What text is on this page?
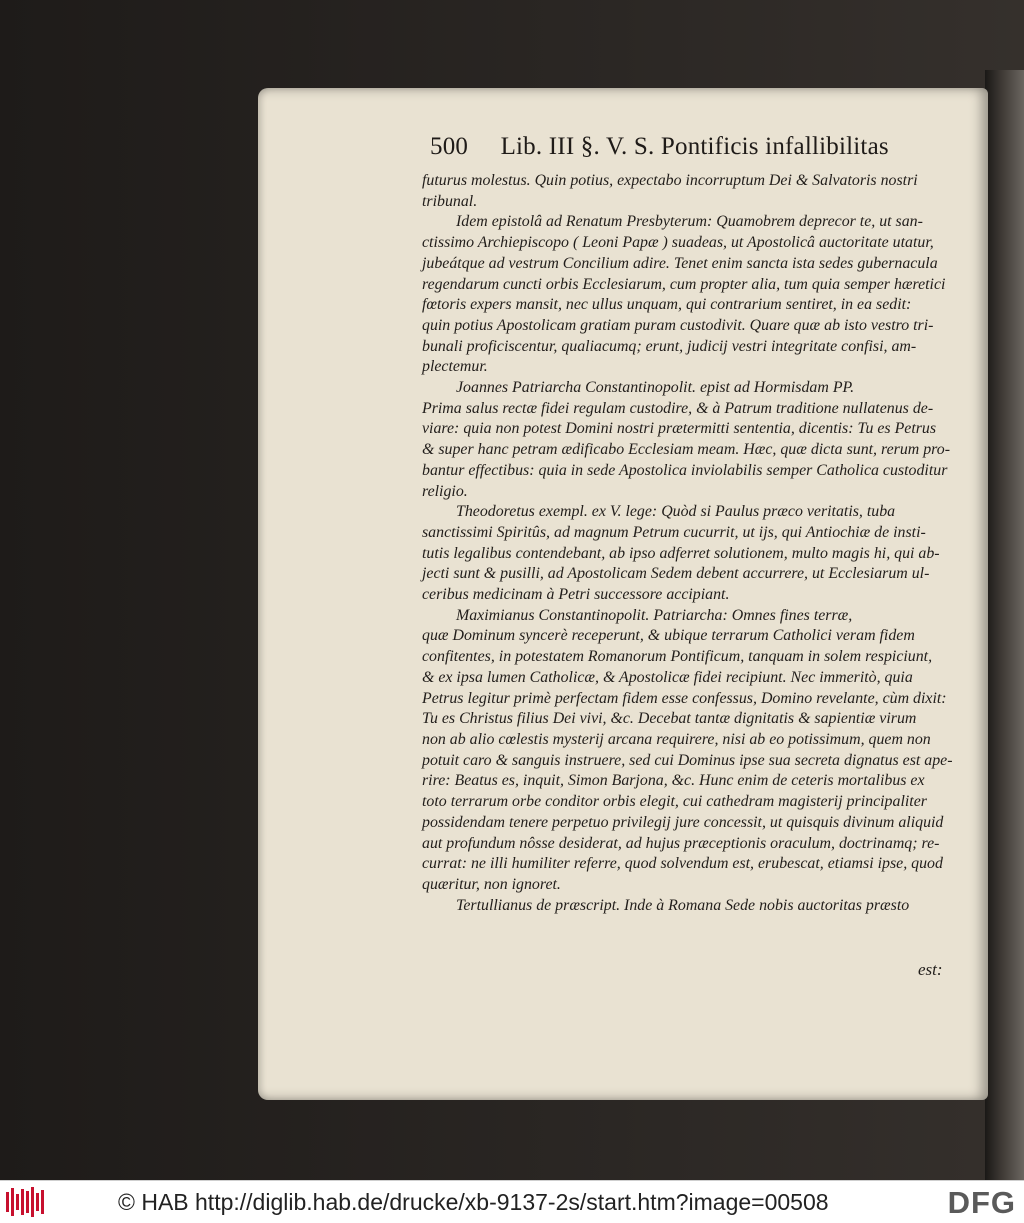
500 Lib. III §. V. S. Pontificis infallibilitas
futurus molestus. Quin potius, expectabo incorruptum Dei & Salvatoris nostri
tribunal.
Idem epistolâ ad Renatum Presbyterum: Quamobrem deprecor te, ut san-
ctissimo Archiepiscopo ( Leoni Papæ ) suadeas, ut Apostolicâ auctoritate utatur,
jubeátque ad vestrum Concilium adire. Tenet enim sancta ista sedes gubernacula
regendarum cuncti orbis Ecclesiarum, cum propter alia, tum quia semper hæretici
fœtoris expers mansit, nec ullus unquam, qui contrarium sentiret, in ea sedit:
quin potius Apostolicam gratiam puram custodivit. Quare quæ ab isto vestro tri-
bunali proficiscentur, qualiacumq; erunt, judicij vestri integritate confisi, am-
plectemur.
Joannes Patriarcha Constantinopolit. epist ad Hormisdam PP.
Prima salus rectæ fidei regulam custodire, & à Patrum traditione nullatenus de-
viare: quia non potest Domini nostri prætermitti sententia, dicentis: Tu es Petrus
& super hanc petram ædificabo Ecclesiam meam. Hæc, quæ dicta sunt, rerum pro-
bantur effectibus: quia in sede Apostolica inviolabilis semper Catholica custoditur
religio.
Theodoretus exempl. ex V. lege: Quòd si Paulus præco veritatis, tuba
sanctissimi Spiritûs, ad magnum Petrum cucurrit, ut ijs, qui Antiochiæ de insti-
tutis legalibus contendebant, ab ipso adferret solutionem, multo magis hi, qui ab-
jecti sunt & pusilli, ad Apostolicam Sedem debent accurrere, ut Ecclesiarum ul-
ceribus medicinam à Petri successore accipiant.
Maximianus Constantinopolit. Patriarcha: Omnes fines terræ,
quæ Dominum syncerè receperunt, & ubique terrarum Catholici veram fidem
confitentes, in potestatem Romanorum Pontificum, tanquam in solem respiciunt,
& ex ipsa lumen Catholicæ, & Apostolicæ fidei recipiunt. Nec immeritò, quia
Petrus legitur primè perfectam fidem esse confessus, Domino revelante, cùm dixit:
Tu es Christus filius Dei vivi, &c. Decebat tantæ dignitatis & sapientiæ virum
non ab alio cœlestis mysterij arcana requirere, nisi ab eo potissimum, quem non
potuit caro & sanguis instruere, sed cui Dominus ipse sua secreta dignatus est ape-
rire: Beatus es, inquit, Simon Barjona, &c. Hunc enim de ceteris mortalibus ex
toto terrarum orbe conditor orbis elegit, cui cathedram magisterij principaliter
possidendam tenere perpetuo privilegij jure concessit, ut quisquis divinum aliquid
aut profundum nôsse desiderat, ad hujus præceptionis oraculum, doctrinamq; re-
currat: ne illi humiliter referre, quod solvendum est, erubescat, etiamsi ipse, quod
quæritur, non ignoret.
Tertullianus de præscript. Inde à Romana Sede nobis auctoritas præsto
est:
© HAB http://diglib.hab.de/drucke/xb-9137-2s/start.htm?image=00508	DFG
